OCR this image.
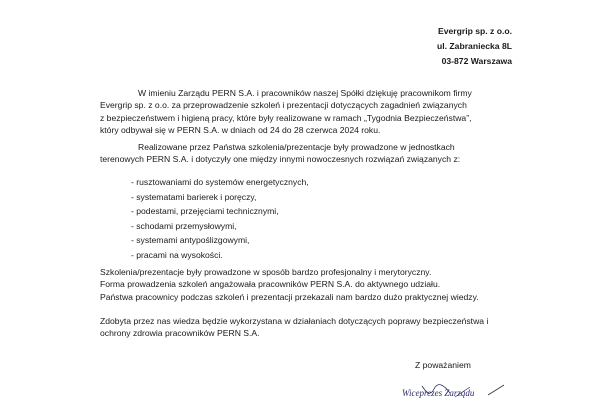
Evergrip sp. z o.o.
ul. Zabraniecka 8L
03-872 Warszawa
W imieniu Zarządu PERN S.A. i pracowników naszej Spółki dziękuję pracownikom firmy
Evergrip sp. z o.o. za przeprowadzenie szkoleń i prezentacji dotyczących zagadnień związanych
z bezpieczeństwem i higieną pracy, które były realizowane w ramach „Tygodnia Bezpieczeństwa”,
który odbywał się w PERN S.A. w dniach od 24 do 28 czerwca 2024 roku.
Realizowane przez Państwa szkolenia/prezentacje były prowadzone w jednostkach
terenowych PERN S.A. i dotyczyły one między innymi nowoczesnych rozwiązań związanych z:
- rusztowaniami do systemów energetycznych,
- systematami barierek i poręczy,
- podestami, przejęciami technicznymi,
- schodami przemysłowymi,
- systemami antypoślizgowymi,
- pracami na wysokości.
Szkolenia/prezentacje były prowadzone w sposób bardzo profesjonalny i merytoryczny.
Forma prowadzenia szkoleń angażowała pracowników PERN S.A. do aktywnego udziału.
Państwa pracownicy podczas szkoleń i prezentacji przekazali nam bardzo dużo praktycznej wiedzy.
Zdobyta przez nas wiedza będzie wykorzystana w działaniach dotyczących poprawy bezpieczeństwa i
ochrony zdrowia pracowników PERN S.A.
Z poważaniem
Wiceprezes Zarządu
